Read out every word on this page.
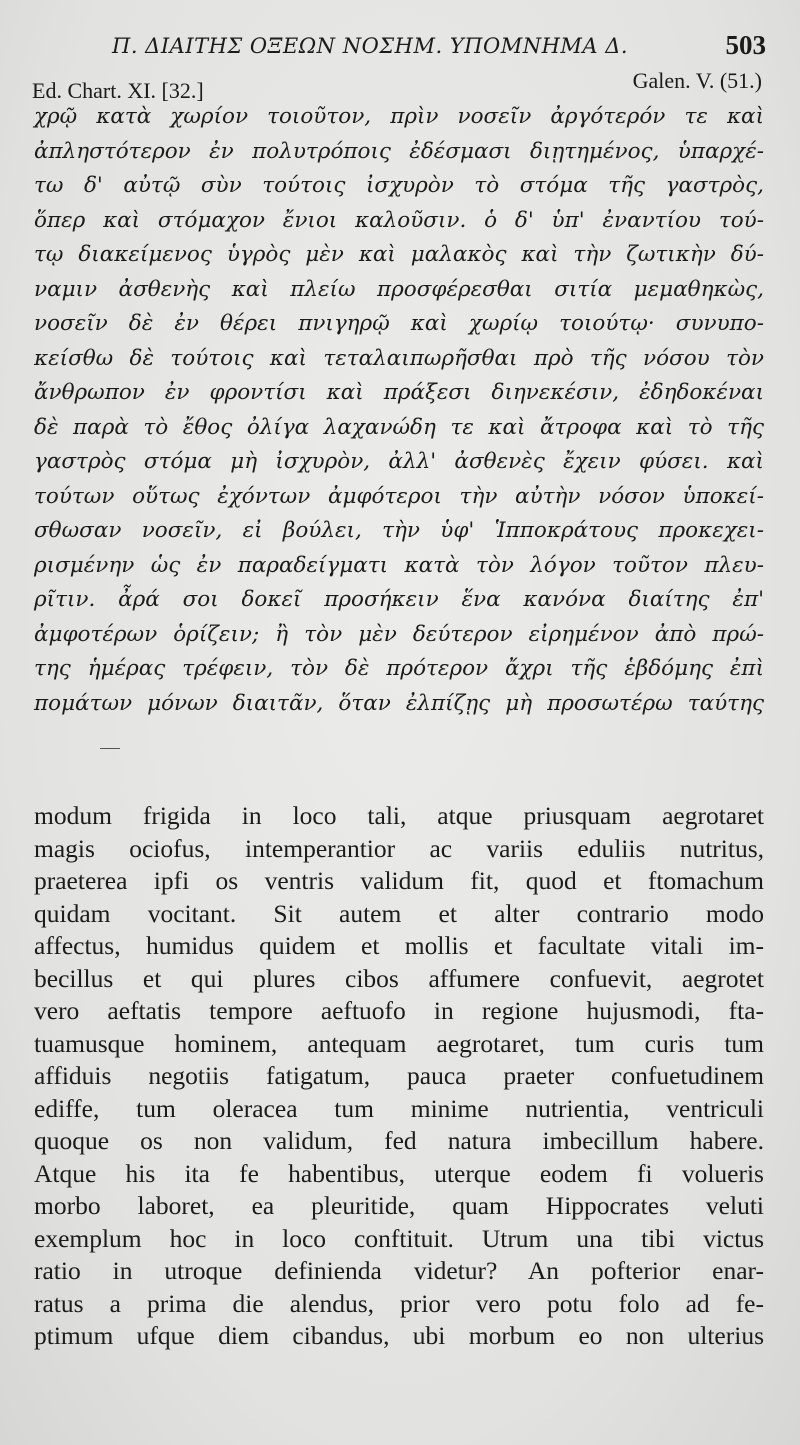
Π. ΔΙΑΙΤΗΣ ΟΞΕΩΝ ΝΟΣΗΜ. ΥΠΟΜΝΗΜΑ Δ.	503
Ed. Chart. XI. [32.]	Galen. V. (51.)
χρῷ κατὰ χωρίον τοιοῦτον, πρὶν νοσεῖν ἀργότερόν τε καὶ
ἀπληστότερον ἐν πολυτρόποις ἐδέσμασι διῃτημένος, ὑπαρχέ-
τω δ' αὐτῷ σὺν τούτοις ἰσχυρὸν τὸ στόμα τῆς γαστρὸς,
ὅπερ καὶ στόμαχον ἔνιοι καλοῦσιν. ὁ δ' ὑπ' ἐναντίου τού-
τῳ διακείμενος ὑγρὸς μὲν καὶ μαλακὸς καὶ τὴν ζωτικὴν δύ-
ναμιν ἀσθενὴς καὶ πλείω προσφέρεσθαι σιτία μεμαθηκὼς,
νοσεῖν δὲ ἐν θέρει πνιγηρῷ καὶ χωρίῳ τοιούτῳ· συνυπο-
κείσθω δὲ τούτοις καὶ τεταλαιπωρῆσθαι πρὸ τῆς νόσου τὸν
ἄνθρωπον ἐν φροντίσι καὶ πράξεσι διηνεκέσιν, ἐδηδοκέναι
δὲ παρὰ τὸ ἔθος ὀλίγα λαχανώδη τε καὶ ἄτροφα καὶ τὸ τῆς
γαστρὸς στόμα μὴ ἰσχυρὸν, ἀλλ' ἀσθενὲς ἔχειν φύσει. καὶ
τούτων οὕτως ἐχόντων ἀμφότεροι τὴν αὐτὴν νόσον ὑποκεί-
σθωσαν νοσεῖν, εἰ βούλει, τὴν ὑφ' Ἱπποκράτους προκεχει-
ρισμένην ὡς ἐν παραδείγματι κατὰ τὸν λόγον τοῦτον πλευ-
ρῖτιν. ἆρά σοι δοκεῖ προσήκειν ἕνα κανόνα διαίτης ἐπ'
ἀμφοτέρων ὁρίζειν; ἢ τὸν μὲν δεύτερον εἰρημένον ἀπὸ πρώ-
της ἡμέρας τρέφειν, τὸν δὲ πρότερον ἄχρι τῆς ἑβδόμης ἐπὶ
πομάτων μόνων διαιτᾶν, ὅταν ἐλπίζῃς μὴ προσωτέρω ταύτης
modum frigida in loco tali, atque priusquam aegrotaret
magis ociofus, intemperantior ac variis eduliis nutritus,
praeterea ipfi os ventris validum fit, quod et ftomachum
quidam vocitant. Sit autem et alter contrario modo
affectus, humidus quidem et mollis et facultate vitali im-
becillus et qui plures cibos affumere confuevit, aegrotet
vero aeftatis tempore aeftuofo in regione hujusmodi, fta-
tuamusque hominem, antequam aegrotaret, tum curis tum
affiduis negotiis fatigatum, pauca praeter confuetudinem
ediffe, tum oleracea tum minime nutrientia, ventriculi
quoque os non validum, fed natura imbecillum habere.
Atque his ita fe habentibus, uterque eodem fi volueris
morbo laboret, ea pleuritide, quam Hippocrates veluti
exemplum hoc in loco conftituit. Utrum una tibi victus
ratio in utroque definienda videtur? An pofterior enar-
ratus a prima die alendus, prior vero potu folo ad fe-
ptimum ufque diem cibandus, ubi morbum eo non ulterius
